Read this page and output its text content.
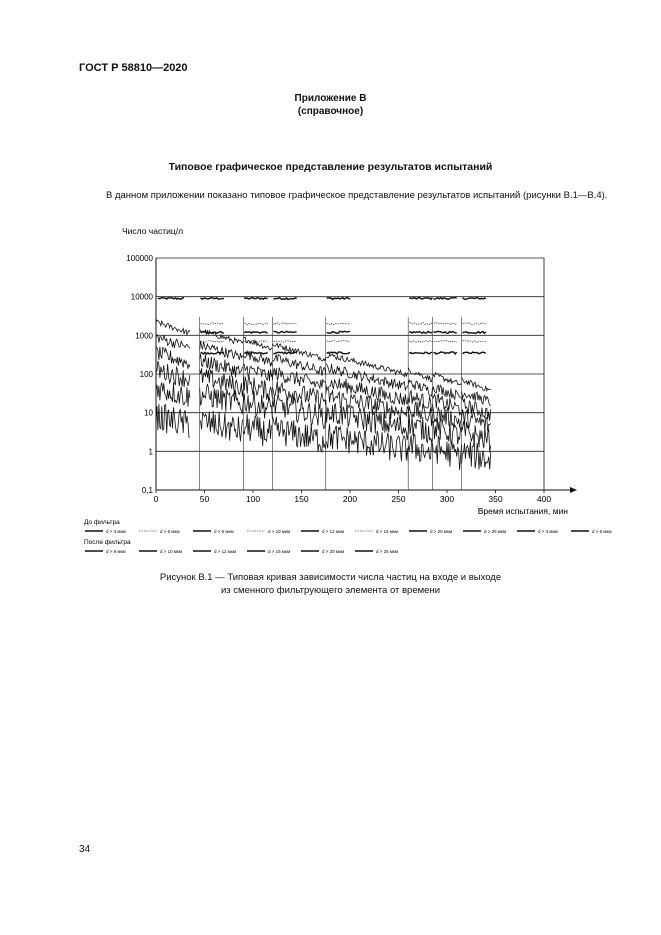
ГОСТ Р 58810—2020
Приложение В
(справочное)
Типовое графическое представление результатов испытаний
В данном приложении показано типовое графическое представление результатов испытаний (рисунки В.1—В.4).
Число частиц/л
0,1
1
10
100
1000
10000
100000
0	50	100	150	200	250	300	350	400
Время испытания, мин
До фильтра
d > 3 мкм	d > 6 мкм	d > 6 мкм	d > 10 мкм	d > 12 мкм	d > 15 мкм	d > 20 мкм	d > 25 мкм	d > 3 мкм	d > 6 мкм
После фильтра
d > 8 мкм	d > 10 мкм	d > 12 мкм	d > 15 мкм	d > 20 мкм	d > 25 мкм
Рисунок В.1 — Типовая кривая зависимости числа частиц на входе и выходе
из сменного фильтрующего элемента от времени
34
